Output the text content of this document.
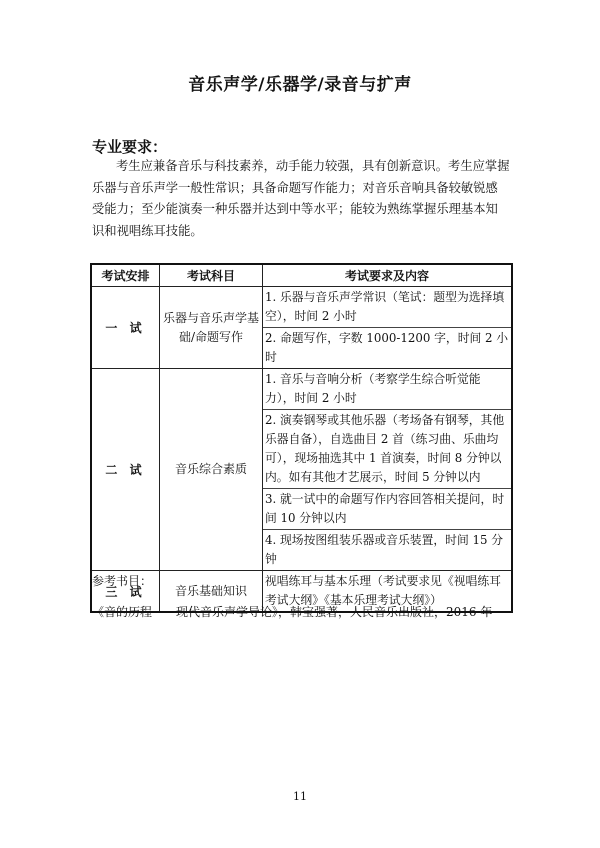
音乐声学/乐器学/录音与扩声
专业要求：

考生应兼备音乐与科技素养，动手能力较强，具有创新意识。考生应掌握乐器与音乐声学一般性常识；具备命题写作能力；对音乐音响具备较敏锐感受能力；至少能演奏一种乐器并达到中等水平；能较为熟练掌握乐理基本知识和视唱练耳技能。

考试安排	考试科目	考试要求及内容
一 试	乐器与音乐声学基础/命题写作	1. 乐器与音乐声学常识（笔试：题型为选择填空），时间 2 小时
2. 命题写作，字数 1000-1200 字，时间 2 小时

二 试	音乐综合素质	1. 音乐与音响分析（考察学生综合听觉能力），时间 2 小时
2. 演奏钢琴或其他乐器（考场备有钢琴，其他乐器自备），自选曲目 2 首（练习曲、乐曲均可），现场抽选其中 1 首演奏，时间 8 分钟以内。如有其他才艺展示，时间 5 分钟以内
3. 就一试中的命题写作内容回答相关提问，时间 10 分钟以内
4. 现场按图组装乐器或音乐装置，时间 15 分钟

三 试	音乐基础知识	视唱练耳与基本乐理（考试要求见《视唱练耳考试大纲》《基本乐理考试大纲》）
参考书目：
《音的历程——现代音乐声学导论》，韩宝强著，人民音乐出版社，2016 年
11
